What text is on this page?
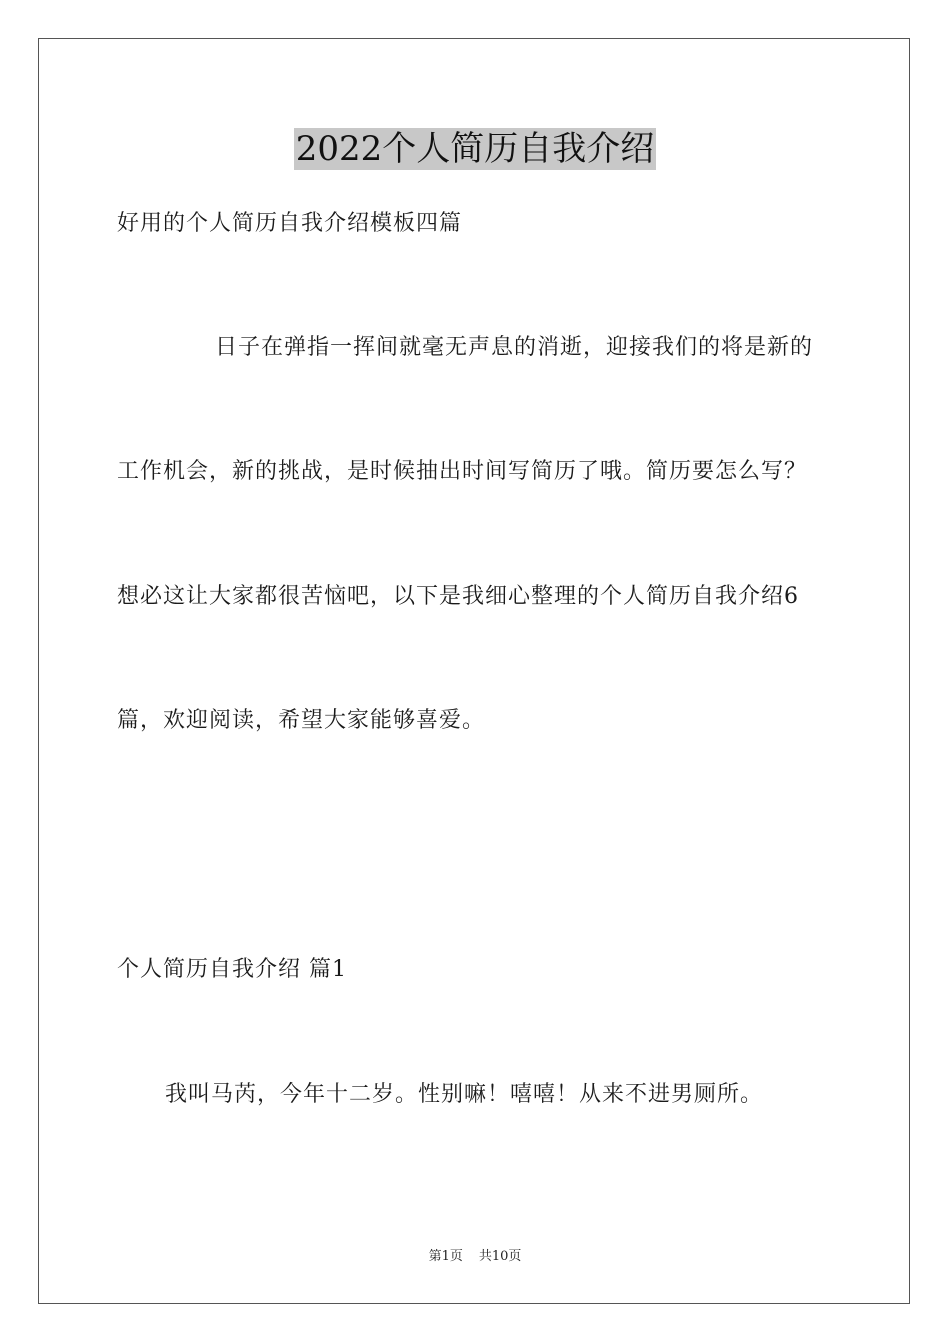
2022个人简历自我介绍
好用的个人简历自我介绍模板四篇
日子在弹指一挥间就毫无声息的消逝，迎接我们的将是新的
工作机会，新的挑战，是时候抽出时间写简历了哦。简历要怎么写？
想必这让大家都很苦恼吧，以下是我细心整理的个人简历自我介绍6
篇，欢迎阅读，希望大家能够喜爱。
个人简历自我介绍 篇1
我叫马芮，今年十二岁。性别嘛！嘻嘻！从来不进男厕所。
第1页 共10页
